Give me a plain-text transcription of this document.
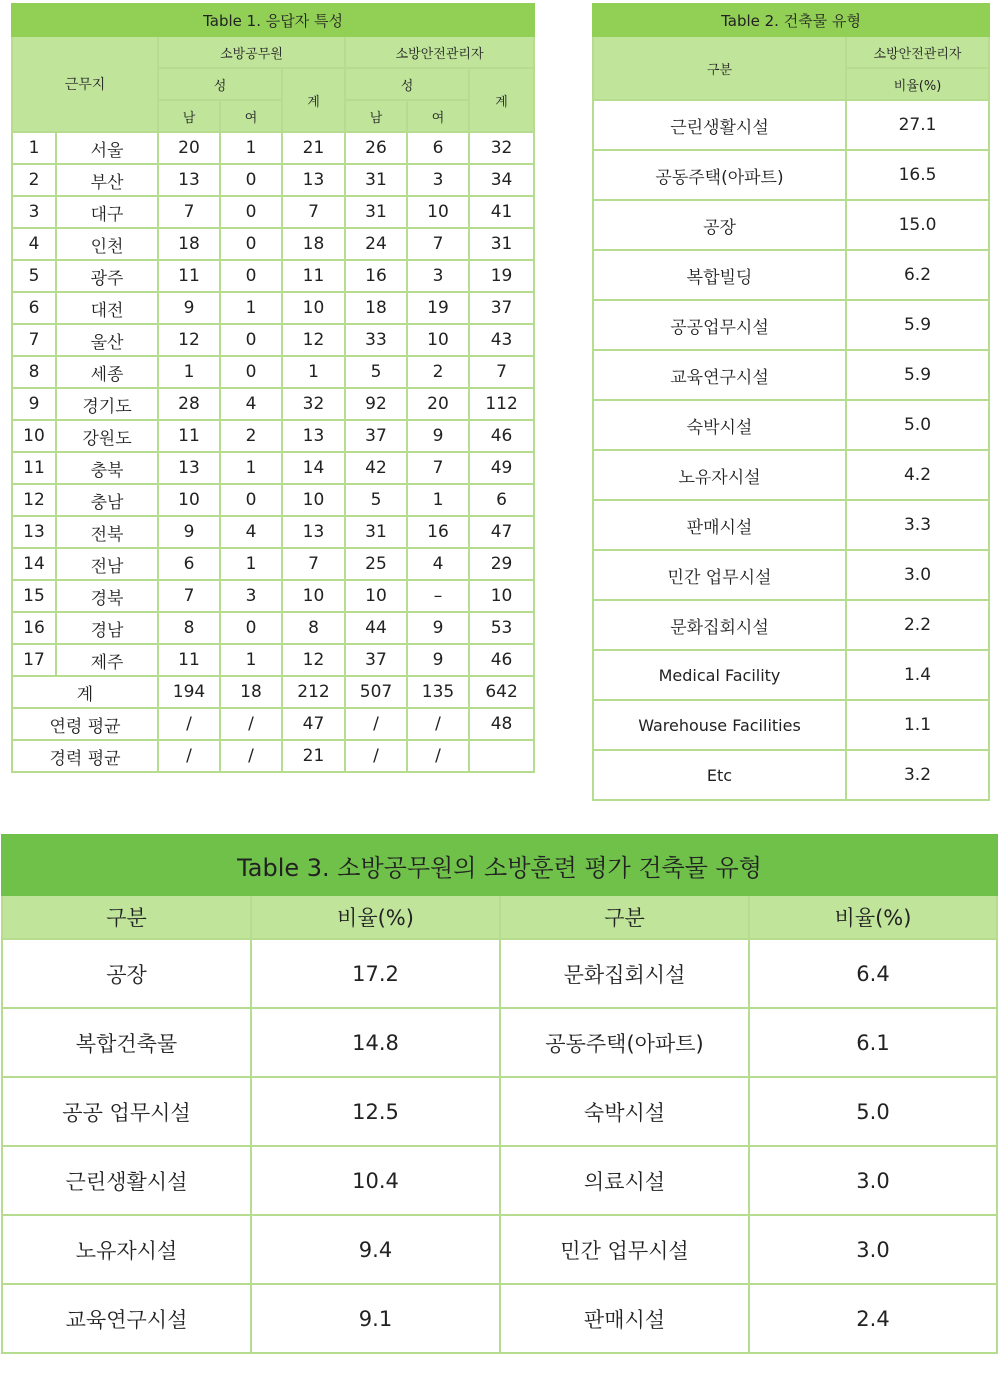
Table 1. 응답자 특성							
근무지		소방공무원			소방안전관리자		
		성		계	성		계
		남	여		남	여	
1	서울	20	1	21	26	6	32
2	부산	13	0	13	31	3	34
3	대구	7	0	7	31	10	41
4	인천	18	0	18	24	7	31
5	광주	11	0	11	16	3	19
6	대전	9	1	10	18	19	37
7	울산	12	0	12	33	10	43
8	세종	1	0	1	5	2	7
9	경기도	28	4	32	92	20	112
10	강원도	11	2	13	37	9	46
11	충북	13	1	14	42	7	49
12	충남	10	0	10	5	1	6
13	전북	9	4	13	31	16	47
14	전남	6	1	7	25	4	29
15	경북	7	3	10	10	–	10
16	경남	8	0	8	44	9	53
17	제주	11	1	12	37	9	46
계		194	18	212	507	135	642
연령 평균		/	/	47	/	/	48
경력 평균		/	/	21	/	/	
Table 2. 건축물 유형	
구분	소방안전관리자
	비율(%)
근린생활시설	27.1
공동주택(아파트)	16.5
공장	15.0
복합빌딩	6.2
공공업무시설	5.9
교육연구시설	5.9
숙박시설	5.0
노유자시설	4.2
판매시설	3.3
민간 업무시설	3.0
문화집회시설	2.2
Medical Facility	1.4
Warehouse Facilities	1.1
Etc	3.2
Table 3. 소방공무원의 소방훈련 평가 건축물 유형			
구분	비율(%)	구분	비율(%)
공장	17.2	문화집회시설	6.4
복합건축물	14.8	공동주택(아파트)	6.1
공공 업무시설	12.5	숙박시설	5.0
근린생활시설	10.4	의료시설	3.0
노유자시설	9.4	민간 업무시설	3.0
교육연구시설	9.1	판매시설	2.4
